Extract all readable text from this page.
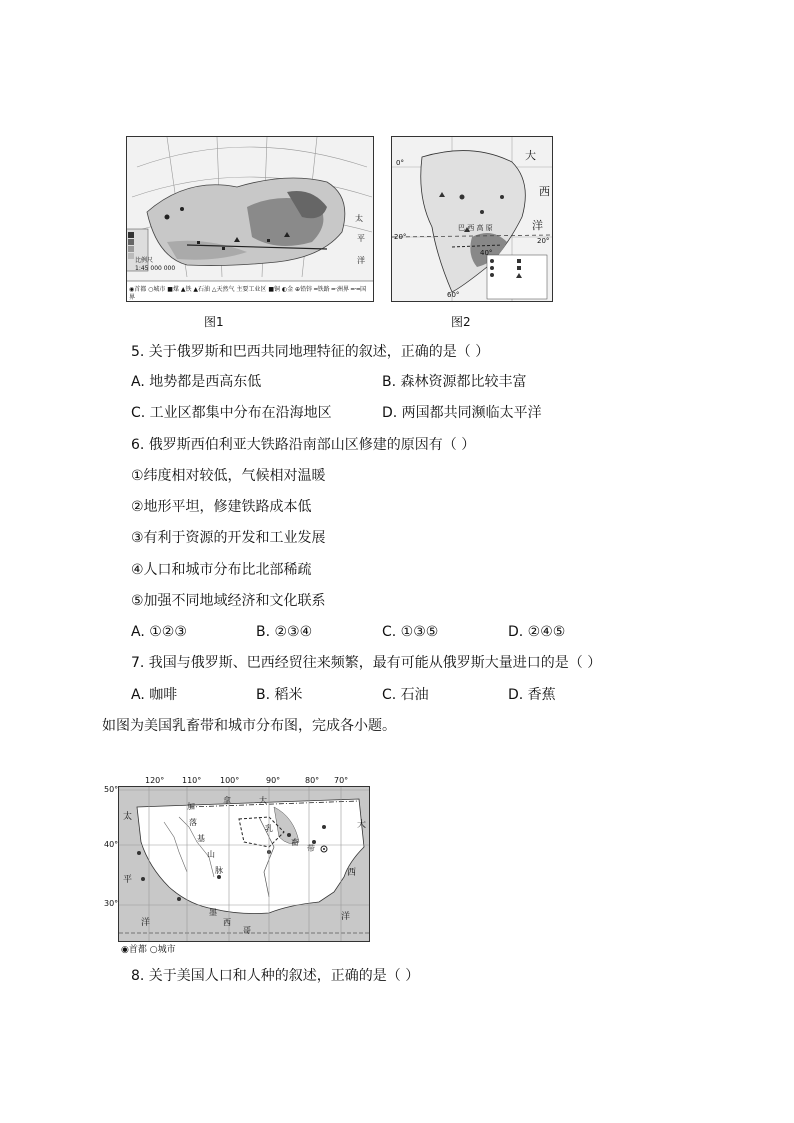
比例尺
1:45 000 000
◉首都 ○城市 ■煤 ▲铁 ▲石油 △天然气 主要工业区 ■铜 ◐金 ⊕铅锌 ━铁路 ━·洲界 ━·━国界
太
平
洋
图1
大
西
洋
巴 西 高 原
0°
20°	20°
40°
60°
图2
5. 关于俄罗斯和巴西共同地理特征的叙述，正确的是（ ）
A. 地势都是西高东低	B. 森林资源都比较丰富
C. 工业区都集中分布在沿海地区	D. 两国都共同濒临太平洋
6. 俄罗斯西伯利亚大铁路沿南部山区修建的原因有（ ）
①纬度相对较低，气候相对温暖
②地形平坦，修建铁路成本低
③有利于资源的开发和工业发展
④人口和城市分布比北部稀疏
⑤加强不同地域经济和文化联系
A. ①②③	B. ②③④	C. ①③⑤	D. ②④⑤
7. 我国与俄罗斯、巴西经贸往来频繁，最有可能从俄罗斯大量进口的是（ ）
A. 咖啡	B. 稻米	C. 石油	D. 香蕉
如图为美国乳畜带和城市分布图，完成各小题。
太
平
洋
加
拿	大
落
基
山
脉
乳
畜
带
大
西
洋
墨
西
哥
120° 110° 100°	90°	80° 70°
50°
40°
30°
◉首都 ○城市
8. 关于美国人口和人种的叙述，正确的是（ ）
